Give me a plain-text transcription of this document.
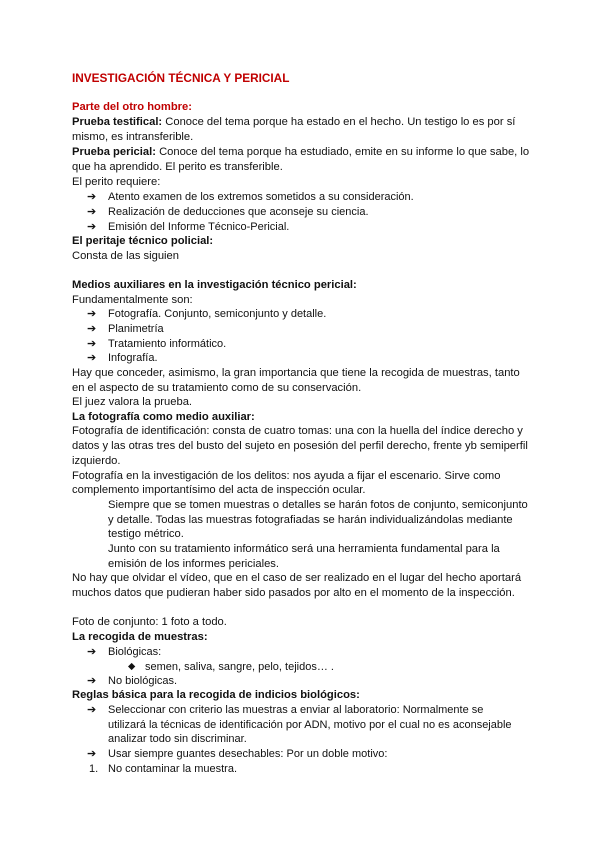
INVESTIGACIÓN TÉCNICA Y PERICIAL
Parte del otro hombre:
Prueba testifical: Conoce del tema porque ha estado en el hecho. Un testigo lo es por sí
mismo, es intransferible.
Prueba pericial: Conoce del tema porque ha estudiado, emite en su informe lo que sabe, lo
que ha aprendido. El perito es transferible.
El perito requiere:
➔ Atento examen de los extremos sometidos a su consideración.
➔ Realización de deducciones que aconseje su ciencia.
➔ Emisión del Informe Técnico-Pericial.
El peritaje técnico policial:
Consta de las siguien
Medios auxiliares en la investigación técnico pericial:
Fundamentalmente son:
➔ Fotografía. Conjunto, semiconjunto y detalle.
➔ Planimetría
➔ Tratamiento informático.
➔ Infografía.
Hay que conceder, asimismo, la gran importancia que tiene la recogida de muestras, tanto
en el aspecto de su tratamiento como de su conservación.
El juez valora la prueba.
La fotografía como medio auxiliar:
Fotografía de identificación: consta de cuatro tomas: una con la huella del índice derecho y
datos y las otras tres del busto del sujeto en posesión del perfil derecho, frente yb semiperfil
izquierdo.
Fotografía en la investigación de los delitos: nos ayuda a fijar el escenario. Sirve como
complemento importantísimo del acta de inspección ocular.
Siempre que se tomen muestras o detalles se harán fotos de conjunto, semiconjunto
y detalle. Todas las muestras fotografiadas se harán individualizándolas mediante
testigo métrico.
Junto con su tratamiento informático será una herramienta fundamental para la
emisión de los informes periciales.
No hay que olvidar el vídeo, que en el caso de ser realizado en el lugar del hecho aportará
muchos datos que pudieran haber sido pasados por alto en el momento de la inspección.
Foto de conjunto: 1 foto a todo.
La recogida de muestras:
➔ Biológicas:
◆ semen, saliva, sangre, pelo, tejidos… .
➔ No biológicas.
Reglas básica para la recogida de indicios biológicos:
➔ Seleccionar con criterio las muestras a enviar al laboratorio: Normalmente se
utilizará la técnicas de identificación por ADN, motivo por el cual no es aconsejable
analizar todo sin discriminar.
➔ Usar siempre guantes desechables: Por un doble motivo:
1. No contaminar la muestra.
